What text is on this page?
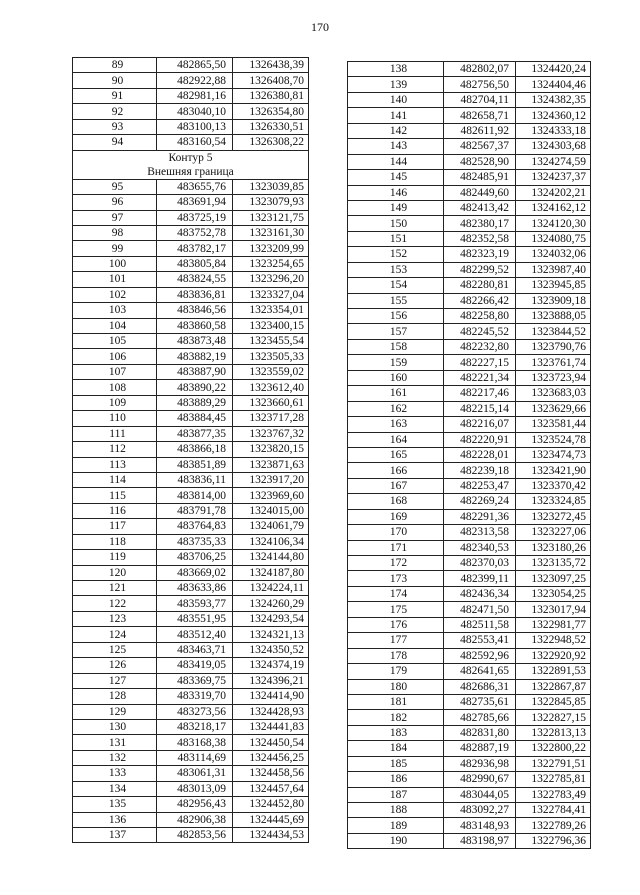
170
89	482865,50	1326438,39
90	482922,88	1326408,70
91	482981,16	1326380,81
92	483040,10	1326354,80
93	483100,13	1326330,51
94	483160,54	1326308,22
Контур 5		
Внешняя граница		
95	483655,76	1323039,85
96	483691,94	1323079,93
97	483725,19	1323121,75
98	483752,78	1323161,30
99	483782,17	1323209,99
100	483805,84	1323254,65
101	483824,55	1323296,20
102	483836,81	1323327,04
103	483846,56	1323354,01
104	483860,58	1323400,15
105	483873,48	1323455,54
106	483882,19	1323505,33
107	483887,90	1323559,02
108	483890,22	1323612,40
109	483889,29	1323660,61
110	483884,45	1323717,28
111	483877,35	1323767,32
112	483866,18	1323820,15
113	483851,89	1323871,63
114	483836,11	1323917,20
115	483814,00	1323969,60
116	483791,78	1324015,00
117	483764,83	1324061,79
118	483735,33	1324106,34
119	483706,25	1324144,80
120	483669,02	1324187,80
121	483633,86	1324224,11
122	483593,77	1324260,29
123	483551,95	1324293,54
124	483512,40	1324321,13
125	483463,71	1324350,52
126	483419,05	1324374,19
127	483369,75	1324396,21
128	483319,70	1324414,90
129	483273,56	1324428,93
130	483218,17	1324441,83
131	483168,38	1324450,54
132	483114,69	1324456,25
133	483061,31	1324458,56
134	483013,09	1324457,64
135	482956,43	1324452,80
136	482906,38	1324445,69
137	482853,56	1324434,53
138	482802,07	1324420,24
139	482756,50	1324404,46
140	482704,11	1324382,35
141	482658,71	1324360,12
142	482611,92	1324333,18
143	482567,37	1324303,68
144	482528,90	1324274,59
145	482485,91	1324237,37
146	482449,60	1324202,21
149	482413,42	1324162,12
150	482380,17	1324120,30
151	482352,58	1324080,75
152	482323,19	1324032,06
153	482299,52	1323987,40
154	482280,81	1323945,85
155	482266,42	1323909,18
156	482258,80	1323888,05
157	482245,52	1323844,52
158	482232,80	1323790,76
159	482227,15	1323761,74
160	482221,34	1323723,94
161	482217,46	1323683,03
162	482215,14	1323629,66
163	482216,07	1323581,44
164	482220,91	1323524,78
165	482228,01	1323474,73
166	482239,18	1323421,90
167	482253,47	1323370,42
168	482269,24	1323324,85
169	482291,36	1323272,45
170	482313,58	1323227,06
171	482340,53	1323180,26
172	482370,03	1323135,72
173	482399,11	1323097,25
174	482436,34	1323054,25
175	482471,50	1323017,94
176	482511,58	1322981,77
177	482553,41	1322948,52
178	482592,96	1322920,92
179	482641,65	1322891,53
180	482686,31	1322867,87
181	482735,61	1322845,85
182	482785,66	1322827,15
183	482831,80	1322813,13
184	482887,19	1322800,22
185	482936,98	1322791,51
186	482990,67	1322785,81
187	483044,05	1322783,49
188	483092,27	1322784,41
189	483148,93	1322789,26
190	483198,97	1322796,36
